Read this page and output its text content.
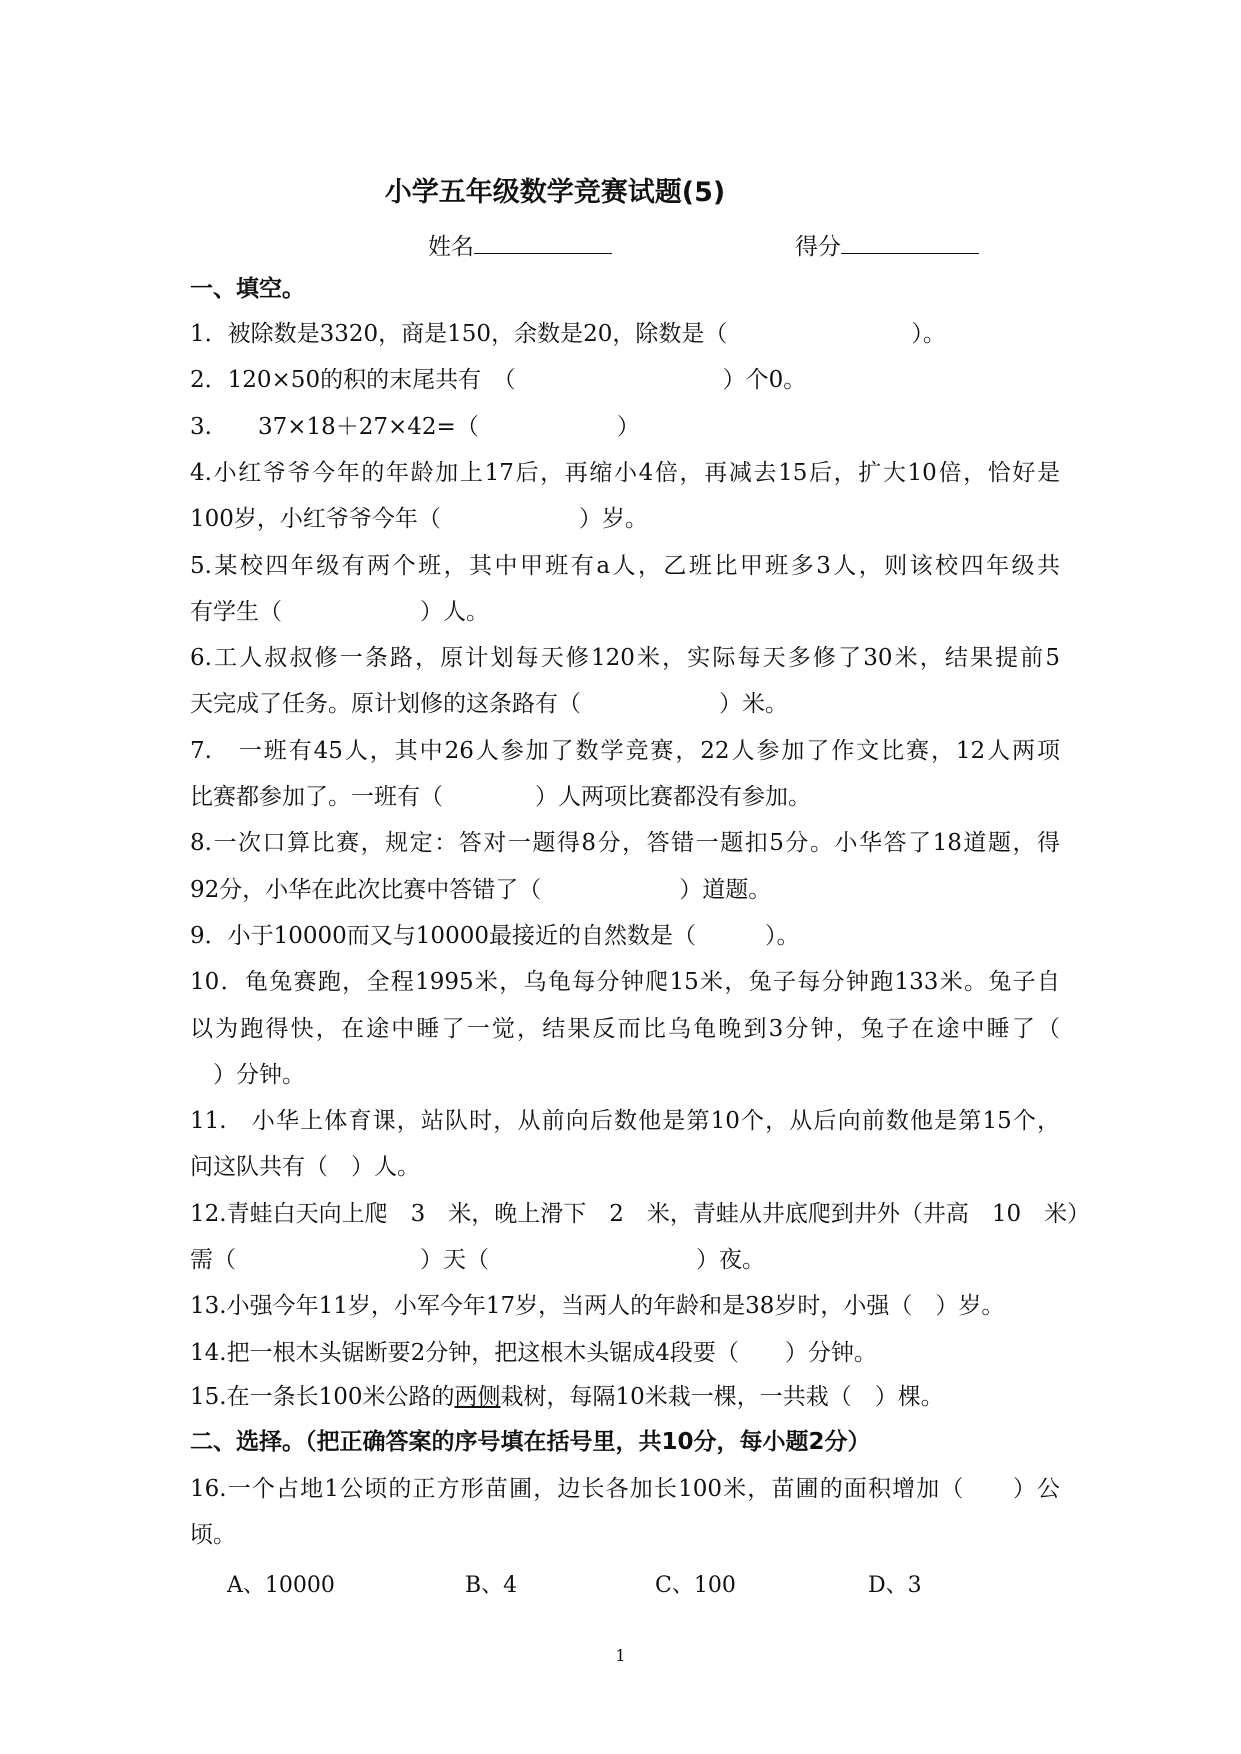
小学五年级数学竞赛试题(5)
姓名	得分
一、填空。
1．被除数是3320，商是150，余数是20，除数是（　　　　　　　　）。
2．120×50的积的末尾共有　（　　　　　　　　　）个0。
3.　　37×18＋27×42=（　　　　　　）
4.小红爷爷今年的年龄加上17后，再缩小4倍，再减去15后，扩大10倍，恰好是
100岁，小红爷爷今年（　　　　　　）岁。
5.某校四年级有两个班，其中甲班有a人，乙班比甲班多3人，则该校四年级共
有学生（　　　　　　）人。
6.工人叔叔修一条路，原计划每天修120米，实际每天多修了30米，结果提前5
天完成了任务。原计划修的这条路有（　　　　　　）米。
7.　一班有45人，其中26人参加了数学竞赛，22人参加了作文比赛，12人两项
比赛都参加了。一班有（　　　　）人两项比赛都没有参加。
8.一次口算比赛，规定：答对一题得8分，答错一题扣5分。小华答了18道题，得
92分，小华在此次比赛中答错了（　　　　　　）道题。
9．小于10000而又与10000最接近的自然数是（　　　）。
10．龟兔赛跑，全程1995米，乌龟每分钟爬15米，兔子每分钟跑133米。兔子自
以为跑得快，在途中睡了一觉，结果反而比乌龟晚到3分钟，兔子在途中睡了（
　）分钟。
11.　小华上体育课，站队时，从前向后数他是第10个，从后向前数他是第15个，
问这队共有（　）人。
12.青蛙白天向上爬　3　米，晚上滑下　2　米，青蛙从井底爬到井外（井高　10　米）
需（　　　　　　　　）天（　　　　　　　　　）夜。
13.小强今年11岁，小军今年17岁，当两人的年龄和是38岁时，小强（　）岁。
14.把一根木头锯断要2分钟，把这根木头锯成4段要（　　）分钟。
15.在一条长100米公路的两侧栽树，每隔10米栽一棵，一共栽（　）棵。
二、选择。（把正确答案的序号填在括号里，共10分，每小题2分）
16.一个占地1公顷的正方形苗圃，边长各加长100米，苗圃的面积增加（　　）公
顷。
A、10000	B、4	C、100	D、3
1
